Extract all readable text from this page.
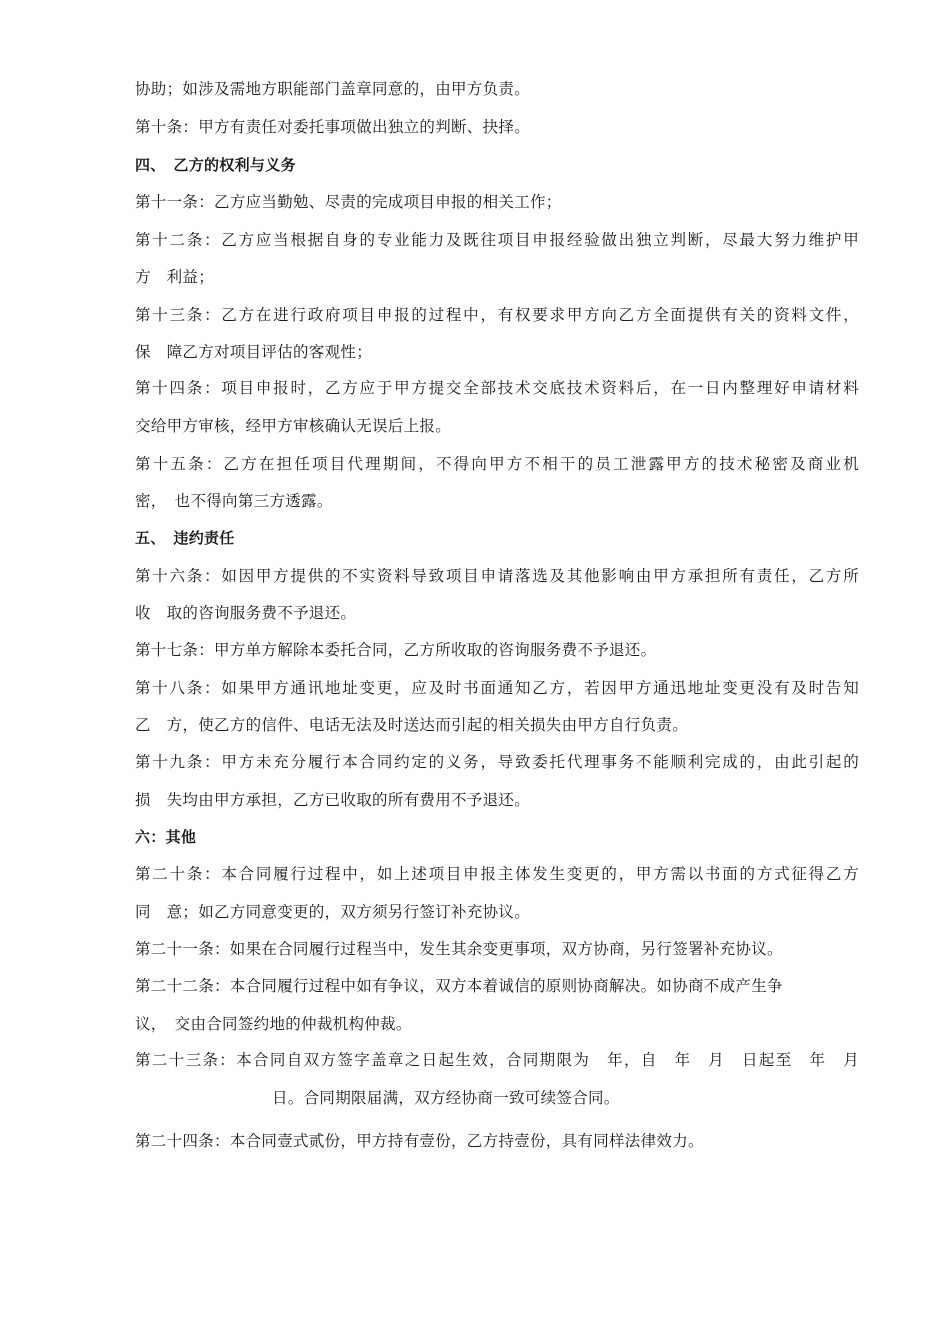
协助；如涉及需地方职能部门盖章同意的，由甲方负责。
第十条：甲方有责任对委托事项做出独立的判断、抉择。
四、　乙方的权利与义务
第十一条：乙方应当勤勉、尽责的完成项目申报的相关工作；
第十二条：乙方应当根据自身的专业能力及既往项目申报经验做出独立判断，尽最大努力维护甲
方　利益；
第十三条：乙方在进行政府项目申报的过程中，有权要求甲方向乙方全面提供有关的资料文件，
保　障乙方对项目评估的客观性；
第十四条：项目申报时，乙方应于甲方提交全部技术交底技术资料后，在一日内整理好申请材料
交给甲方审核，经甲方审核确认无误后上报。
第十五条：乙方在担任项目代理期间，不得向甲方不相干的员工泄露甲方的技术秘密及商业机
密，　也不得向第三方透露。
五、　违约责任
第十六条：如因甲方提供的不实资料导致项目申请落选及其他影响由甲方承担所有责任，乙方所
收　取的咨询服务费不予退还。
第十七条：甲方单方解除本委托合同，乙方所收取的咨询服务费不予退还。
第十八条：如果甲方通讯地址变更，应及时书面通知乙方，若因甲方通迅地址变更没有及时告知
乙　方，使乙方的信件、电话无法及时送达而引起的相关损失由甲方自行负责。
第十九条：甲方未充分履行本合同约定的义务，导致委托代理事务不能顺利完成的，由此引起的
损　失均由甲方承担，乙方已收取的所有费用不予退还。
六：其他
第二十条：本合同履行过程中，如上述项目申报主体发生变更的，甲方需以书面的方式征得乙方
同　意；如乙方同意变更的，双方须另行签订补充协议。
第二十一条：如果在合同履行过程当中，发生其余变更事项，双方协商，另行签署补充协议。
第二十二条：本合同履行过程中如有争议，双方本着诚信的原则协商解决。如协商不成产生争
议，　交由合同签约地的仲裁机构仲裁。
第二十三条：本合同自双方签字盖章之日起生效，合同期限为　年，自　年　月　日起至　年　月
日。合同期限届满，双方经协商一致可续签合同。
第二十四条：本合同壹式贰份，甲方持有壹份，乙方持壹份，具有同样法律效力。
